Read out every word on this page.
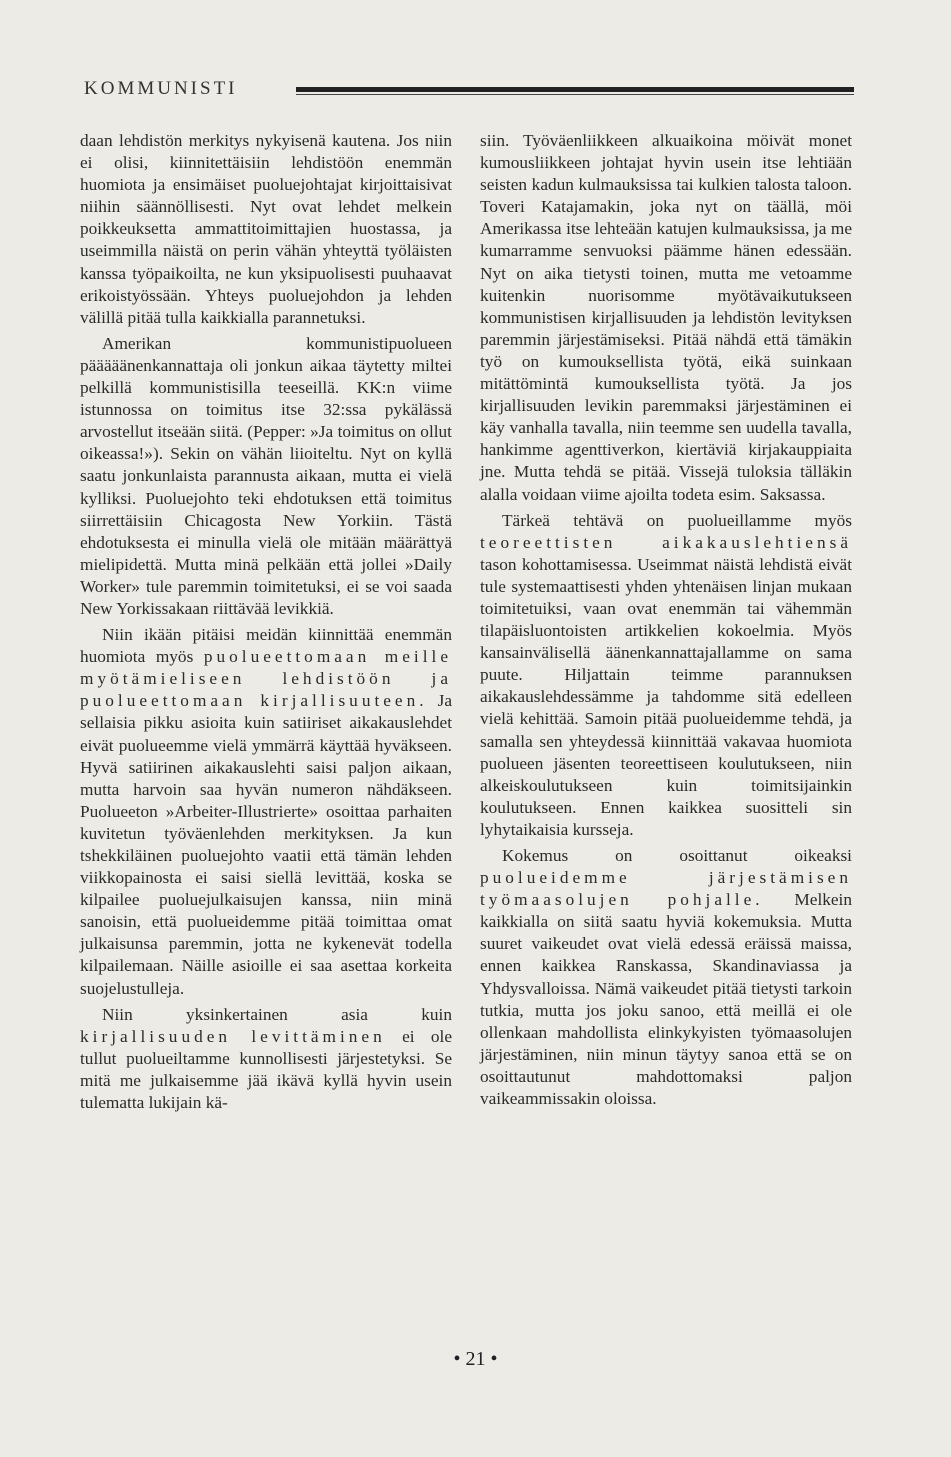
KOMMUNISTI

daan lehdistön merkitys nykyisenä kautena. Jos niin ei olisi, kiinnitettäisiin lehdistöön enemmän huomiota ja ensimäiset puoluejohtajat kirjoittaisivat niihin säännöllisesti. Nyt ovat lehdet melkein poikkeuksetta ammattitoimittajien huostassa, ja useimmilla näistä on perin vähän yhteyttä työläisten kanssa työpaikoilta, ne kun yksipuolisesti puuhaavat erikoistyössään. Yhteys puoluejohdon ja lehden välillä pitää tulla kaikkialla parannetuksi.

Amerikan kommunistipuolueen pääääänenkannattaja oli jonkun aikaa täytetty miltei pelkillä kommunistisilla teeseillä. KK:n viime istunnossa on toimitus itse 32:ssa pykälässä arvostellut itseään siitä. (Pepper: »Ja toimitus on ollut oikeassa!»). Sekin on vähän liioiteltu. Nyt on kyllä saatu jonkunlaista parannusta aikaan, mutta ei vielä kylliksi. Puoluejohto teki ehdotuksen että toimitus siirrettäisiin Chicagosta New Yorkiin. Tästä ehdotuksesta ei minulla vielä ole mitään määrättyä mielipidettä. Mutta minä pelkään että jollei »Daily Worker» tule paremmin toimitetuksi, ei se voi saada New Yorkissakaan riittävää levikkiä.

Niin ikään pitäisi meidän kiinnittää enemmän huomiota myös puolueettomaan meille myötämieliseen lehdistöön ja puolueettomaan kirjallisuuteen. Ja sellaisia pikku asioita kuin satiiriset aikakauslehdet eivät puolueemme vielä ymmärrä käyttää hyväkseen. Hyvä satiirinen aikakauslehti saisi paljon aikaan, mutta harvoin saa hyvän numeron nähdäkseen. Puolueeton »Arbeiter-Illustrierte» osoittaa parhaiten kuvitetun työväenlehden merkityksen. Ja kun tshekkiläinen puoluejohto vaatii että tämän lehden viikkopainosta ei saisi siellä levittää, koska se kilpailee puoluejulkaisujen kanssa, niin minä sanoisin, että puolueidemme pitää toimittaa omat julkaisunsa paremmin, jotta ne kykenevät todella kilpailemaan. Näille asioille ei saa asettaa korkeita suojelustulleja.

Niin yksinkertainen asia kuin kirjallisuuden levittäminen ei ole tullut puolueiltamme kunnollisesti järjestetyksi. Se mitä me julkaisemme jää ikävä kyllä hyvin usein tulematta lukijain kä-

siin. Työväenliikkeen alkuaikoina möivät monet kumousliikkeen johtajat hyvin usein itse lehtiään seisten kadun kulmauksissa tai kulkien talosta taloon. Toveri Katajamakin, joka nyt on täällä, möi Amerikassa itse lehteään katujen kulmauksissa, ja me kumarramme senvuoksi päämme hänen edessään. Nyt on aika tietysti toinen, mutta me vetoamme kuitenkin nuorisomme myötävaikutukseen kommunistisen kirjallisuuden ja lehdistön levityksen paremmin järjestämiseksi. Pitää nähdä että tämäkin työ on kumouksellista työtä, eikä suinkaan mitättömintä kumouksellista työtä. Ja jos kirjallisuuden levikin paremmaksi järjestäminen ei käy vanhalla tavalla, niin teemme sen uudella tavalla, hankimme agenttiverkon, kiertäviä kirjakauppiaita jne. Mutta tehdä se pitää. Vissejä tuloksia tälläkin alalla voidaan viime ajoilta todeta esim. Saksassa.

Tärkeä tehtävä on puolueillamme myös teoreettisten aikakauslehtiensä tason kohottamisessa. Useimmat näistä lehdistä eivät tule systemaattisesti yhden yhtenäisen linjan mukaan toimitetuiksi, vaan ovat enemmän tai vähemmän tilapäisluontoisten artikkelien kokoelmia. Myös kansainvälisellä äänenkannattajallamme on sama puute. Hiljattain teimme parannuksen aikakauslehdessämme ja tahdomme sitä edelleen vielä kehittää. Samoin pitää puolueidemme tehdä, ja samalla sen yhteydessä kiinnittää vakavaa huomiota puolueen jäsenten teoreettiseen koulutukseen, niin alkeiskoulutukseen kuin toimitsijainkin koulutukseen. Ennen kaikkea suositteli sin lyhytaikaisia kursseja.

Kokemus on osoittanut oikeaksi puolueidemme järjestämisen työmaasolujen pohjalle. Melkein kaikkialla on siitä saatu hyviä kokemuksia. Mutta suuret vaikeudet ovat vielä edessä eräissä maissa, ennen kaikkea Ranskassa, Skandinaviassa ja Yhdysvalloissa. Nämä vaikeudet pitää tietysti tarkoin tutkia, mutta jos joku sanoo, että meillä ei ole ollenkaan mahdollista elinkykyisten työmaasolujen järjestäminen, niin minun täytyy sanoa että se on osoittautunut mahdottomaksi paljon vaikeammissakin oloissa.

• 21 •
